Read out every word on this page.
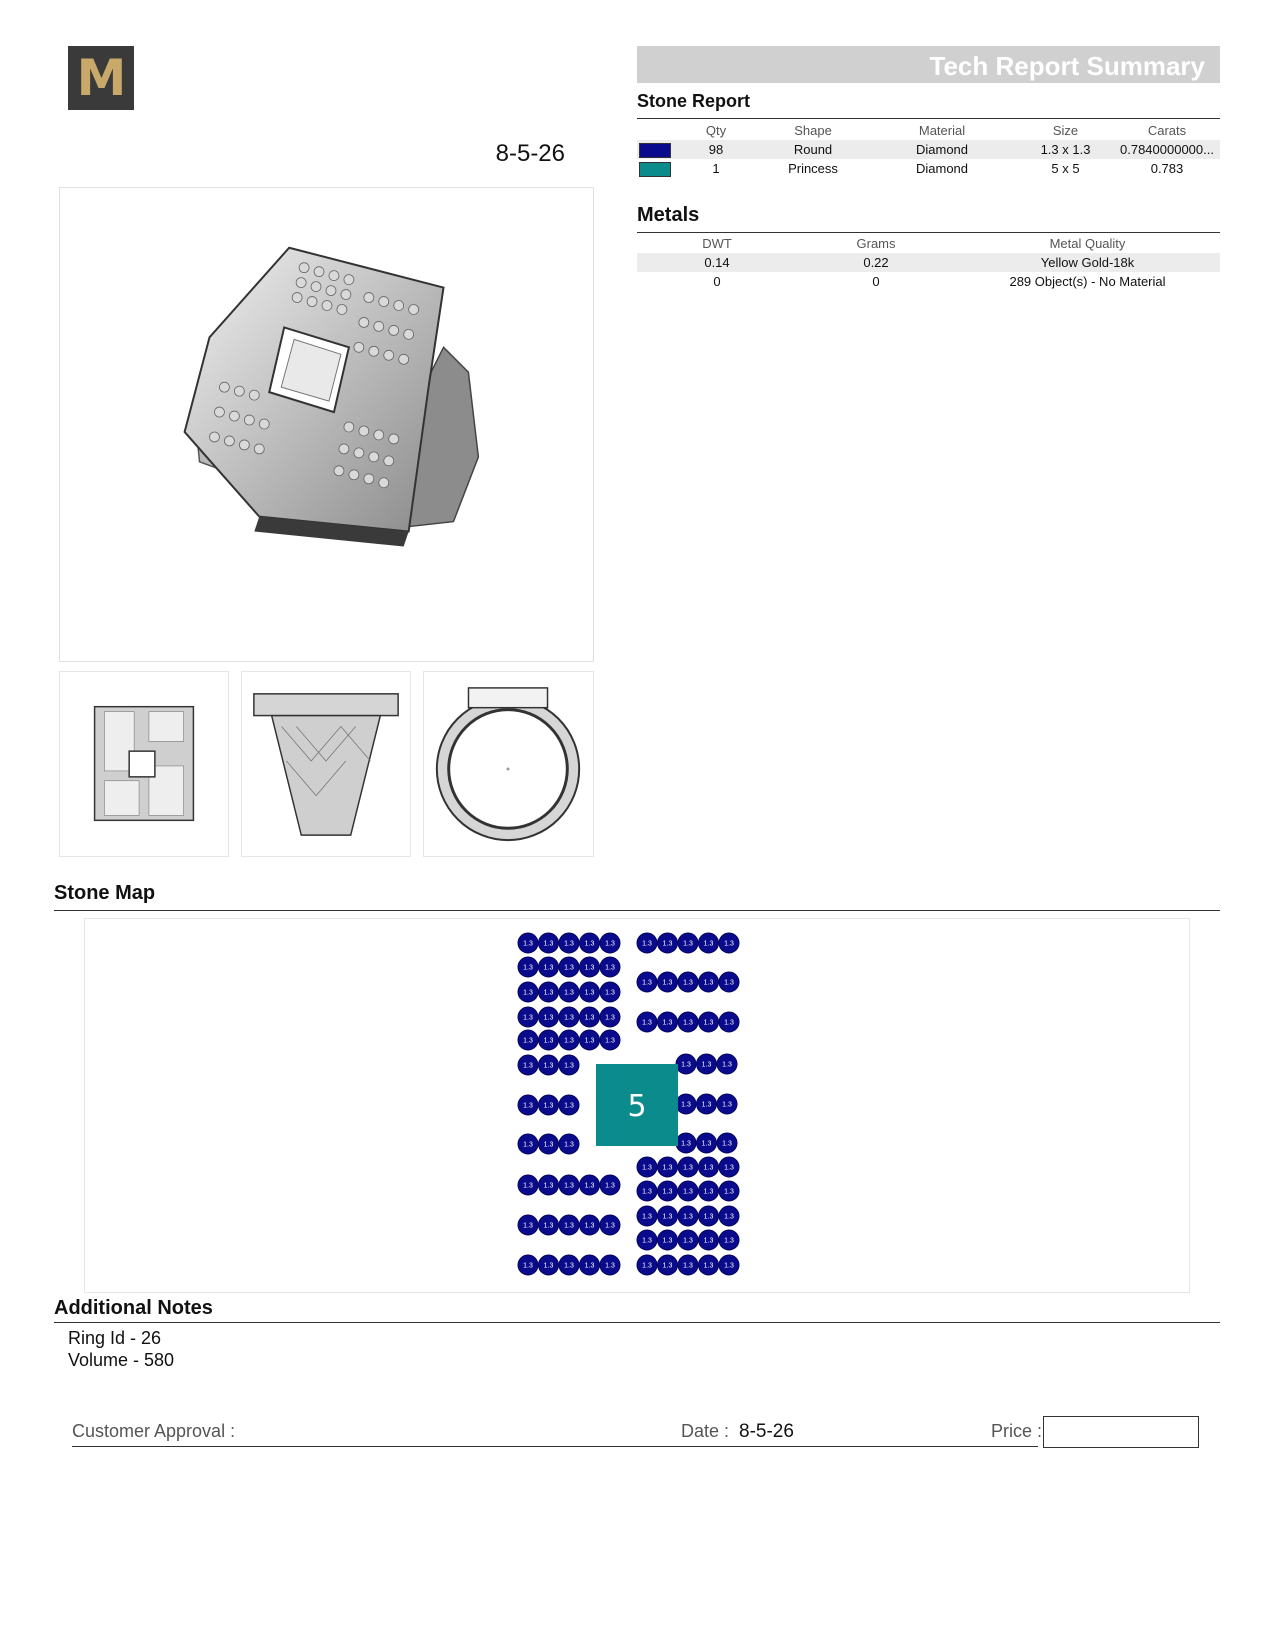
M
8-5-26
Tech Report Summary
Stone Report
	Qty	Shape	Material	Size	Carats
	98	Round	Diamond	1.3 x 1.3	0.7840000000...
	1	Princess	Diamond	5 x 5	0.783
Metals
DWT	Grams	Metal Quality
0.14	0.22	Yellow Gold-18k
0	0	289 Object(s) - No Material
Stone Map
1.3 1.3 1.3 1.3 1.3	1.3 1.3 1.3 1.3 1.3
1.3 1.3 1.3 1.3 1.3
1.3 1.3 1.3 1.3 1.3
1.3 1.3 1.3 1.3 1.3
1.3 1.3 1.3 1.3 1.3
1.3 1.3 1.3 1.3 1.3
1.3 1.3 1.3 1.3 1.3
1.3 1.3 1.3	1.3 1.3 1.3
1.3 1.3 1.3	1.3 1.3 1.3
1.3 1.3 1.3	1.3 1.3 1.3
1.3 1.3 1.3 1.3 1.3
1.3 1.3 1.3 1.3 1.3
1.3 1.3 1.3 1.3 1.3
1.3 1.3 1.3 1.3 1.3
1.3 1.3 1.3 1.3 1.3
1.3 1.3 1.3 1.3 1.3
1.3 1.3 1.3 1.3 1.3	1.3 1.3 1.3 1.3 1.3
5
Additional Notes
Ring Id - 26
Volume - 580
Customer Approval :	Date : 8-5-26	Price :
